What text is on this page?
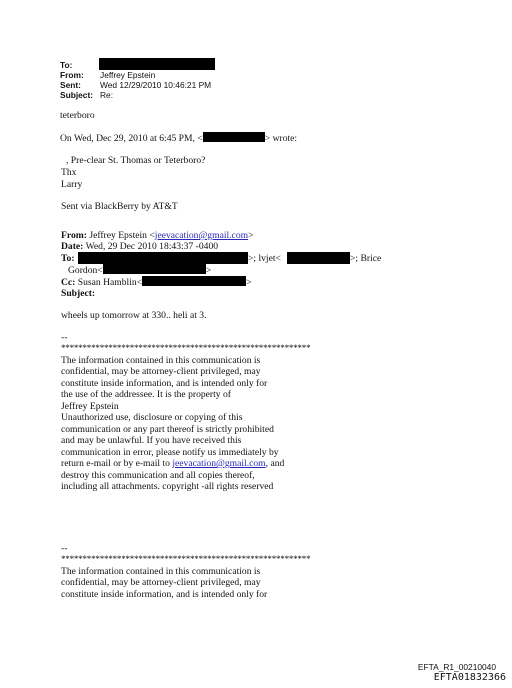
To:
From: Jeffrey Epstein
Sent: Wed 12/29/2010 10:46:21 PM
Subject: Re:
teterboro
On Wed, Dec 29, 2010 at 6:45 PM, <	> wrote:
, Pre-clear St. Thomas or Teterboro?
Thx
Larry
Sent via BlackBerry by AT&T
From: Jeffrey Epstein <jeevacation@gmail.com>
Date: Wed, 29 Dec 2010 18:43:37 -0400
To:	>; lvjet<	>; Brice
Gordon<	>
Cc: Susan Hamblin<	>
Subject:
wheels up tomorrow at 330.. heli at 3.
--
**********************************************************
The information contained in this communication is
confidential, may be attorney-client privileged, may
constitute inside information, and is intended only for
the use of the addressee. It is the property of
Jeffrey Epstein
Unauthorized use, disclosure or copying of this
communication or any part thereof is strictly prohibited
and may be unlawful. If you have received this
communication in error, please notify us immediately by
return e-mail or by e-mail to jeevacation@gmail.com, and
destroy this communication and all copies thereof,
including all attachments. copyright -all rights reserved
--
**********************************************************
The information contained in this communication is
confidential, may be attorney-client privileged, may
constitute inside information, and is intended only for
EFTA_R1_00210040
EFTA01832366
